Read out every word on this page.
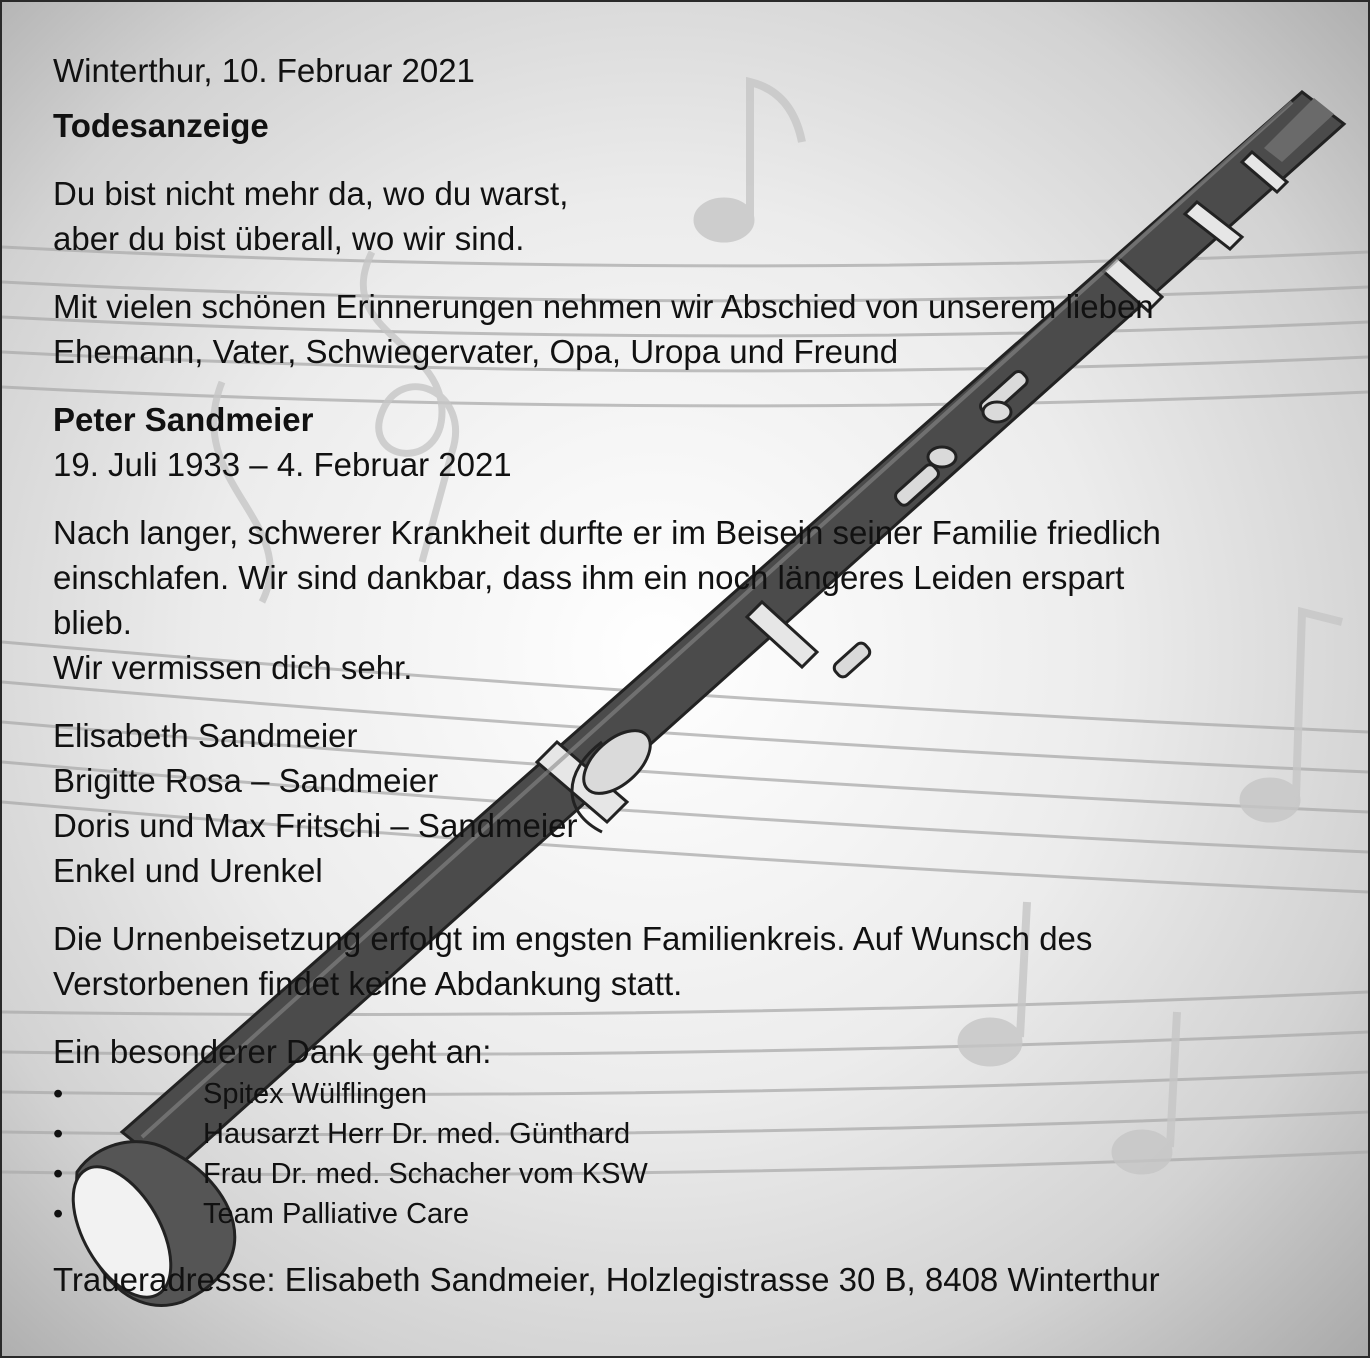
Winterthur, 10. Februar 2021

Todesanzeige

Du bist nicht mehr da, wo du warst,

aber du bist überall, wo wir sind.

Mit vielen schönen Erinnerungen nehmen wir Abschied von unserem lieben

Ehemann, Vater, Schwiegervater, Opa, Uropa und Freund

Peter Sandmeier

19. Juli 1933 – 4. Februar 2021

Nach langer, schwerer Krankheit durfte er im Beisein seiner Familie friedlich

einschlafen. Wir sind dankbar, dass ihm ein noch längeres Leiden erspart

blieb.

Wir vermissen dich sehr.

Elisabeth Sandmeier

Brigitte Rosa – Sandmeier

Doris und Max Fritschi – Sandmeier

Enkel und Urenkel

Die Urnenbeisetzung erfolgt im engsten Familienkreis. Auf Wunsch des

Verstorbenen findet keine Abdankung statt.

Ein besonderer Dank geht an:

•	Spitex Wülflingen
•	Hausarzt Herr Dr. med. Günthard
•	Frau Dr. med. Schacher vom KSW
•	Team Palliative Care

Traueradresse: Elisabeth Sandmeier, Holzlegistrasse 30 B, 8408 Winterthur
